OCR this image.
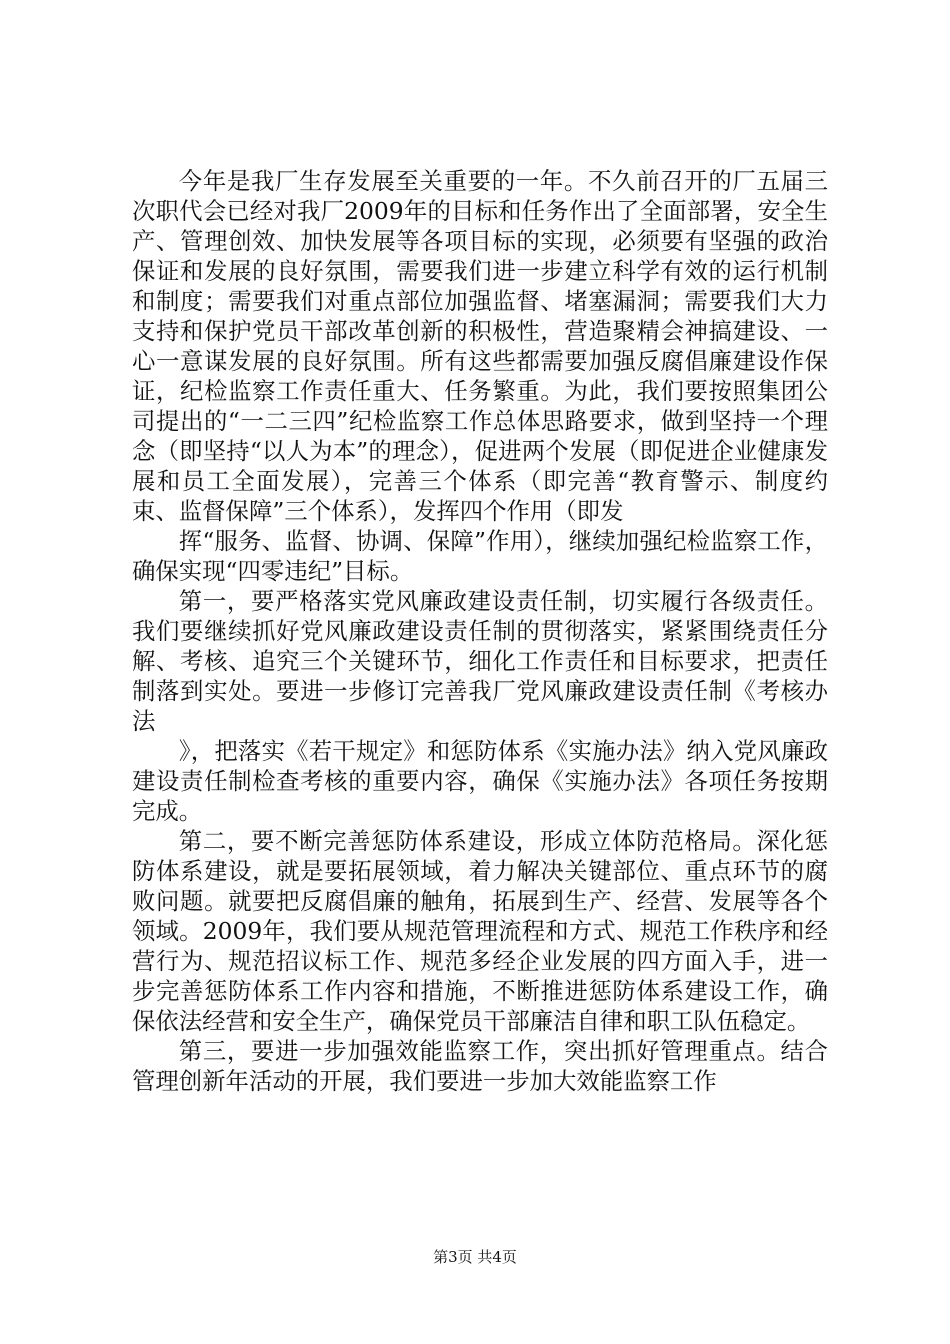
今年是我厂生存发展至关重要的一年。不久前召开的厂五届三次职代会已经对我厂2009年的目标和任务作出了全面部署，安全生产、管理创效、加快发展等各项目标的实现，必须要有坚强的政治保证和发展的良好氛围，需要我们进一步建立科学有效的运行机制和制度；需要我们对重点部位加强监督、堵塞漏洞；需要我们大力支持和保护党员干部改革创新的积极性，营造聚精会神搞建设、一心一意谋发展的良好氛围。所有这些都需要加强反腐倡廉建设作保证，纪检监察工作责任重大、任务繁重。为此，我们要按照集团公司提出的“一二三四”纪检监察工作总体思路要求，做到坚持一个理念（即坚持“以人为本”的理念），促进两个发展（即促进企业健康发展和员工全面发展），完善三个体系（即完善“教育警示、制度约束、监督保障”三个体系），发挥四个作用（即发

挥“服务、监督、协调、保障”作用），继续加强纪检监察工作，确保实现“四零违纪”目标。

第一，要严格落实党风廉政建设责任制，切实履行各级责任。我们要继续抓好党风廉政建设责任制的贯彻落实，紧紧围绕责任分解、考核、追究三个关键环节，细化工作责任和目标要求，把责任制落到实处。要进一步修订完善我厂党风廉政建设责任制《考核办法

》，把落实《若干规定》和惩防体系《实施办法》纳入党风廉政建设责任制检查考核的重要内容，确保《实施办法》各项任务按期完成。

第二，要不断完善惩防体系建设，形成立体防范格局。深化惩防体系建设，就是要拓展领域，着力解决关键部位、重点环节的腐败问题。就要把反腐倡廉的触角，拓展到生产、经营、发展等各个领域。2009年，我们要从规范管理流程和方式、规范工作秩序和经营行为、规范招议标工作、规范多经企业发展的四方面入手，进一步完善惩防体系工作内容和措施，不断推进惩防体系建设工作，确保依法经营和安全生产，确保党员干部廉洁自律和职工队伍稳定。

第三，要进一步加强效能监察工作，突出抓好管理重点。结合管理创新年活动的开展，我们要进一步加大效能监察工作

第3页 共4页
